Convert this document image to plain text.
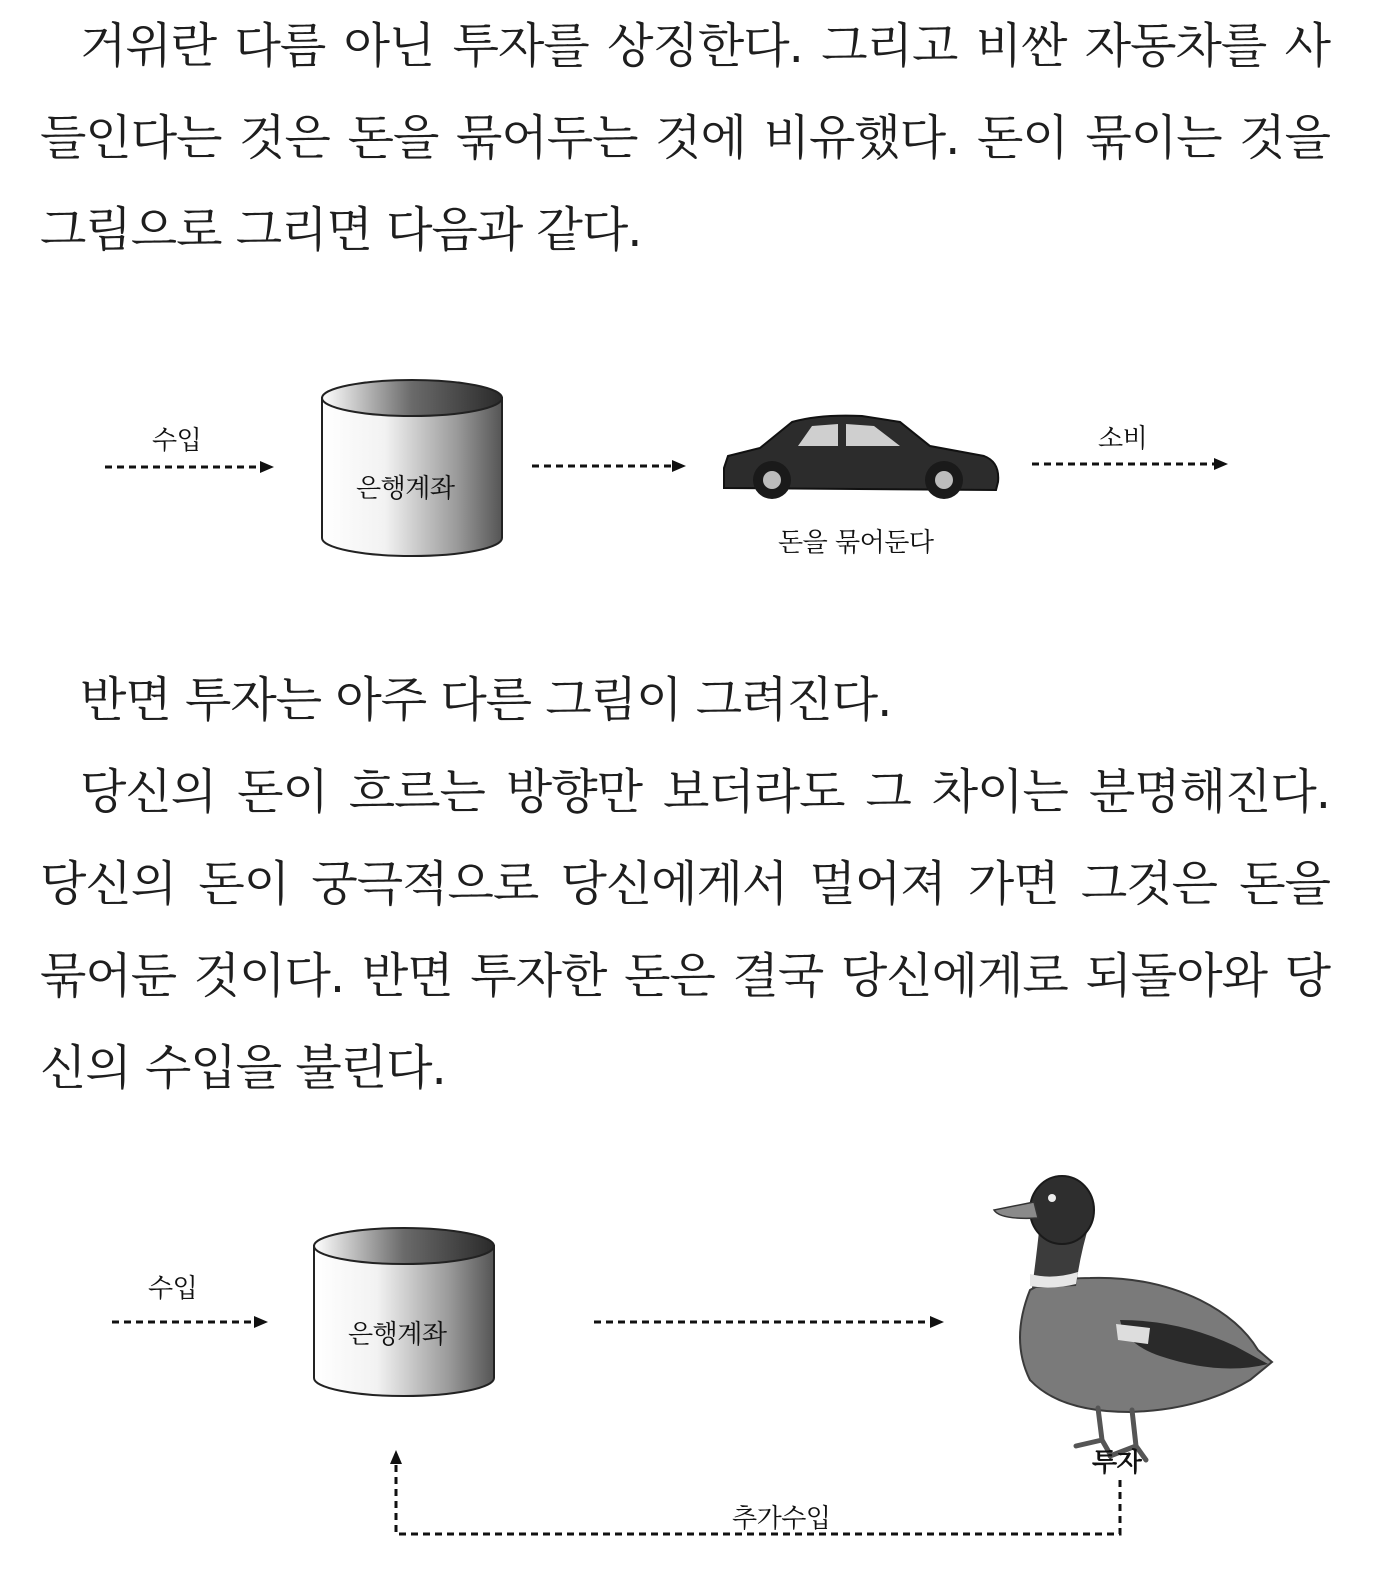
거위란 다름 아닌 투자를 상징한다. 그리고 비싼 자동차를 사들인다는 것은 돈을 묶어두는 것에 비유했다. 돈이 묶이는 것을 그림으로 그리면 다음과 같다.

수입
은행계좌
돈을 묶어둔다
소비

반면 투자는 아주 다른 그림이 그려진다.

당신의 돈이 흐르는 방향만 보더라도 그 차이는 분명해진다. 당신의 돈이 궁극적으로 당신에게서 멀어져 가면 그것은 돈을 묶어둔 것이다. 반면 투자한 돈은 결국 당신에게로 되돌아와 당신의 수입을 불린다.

수입
은행계좌
투자
추가수입
